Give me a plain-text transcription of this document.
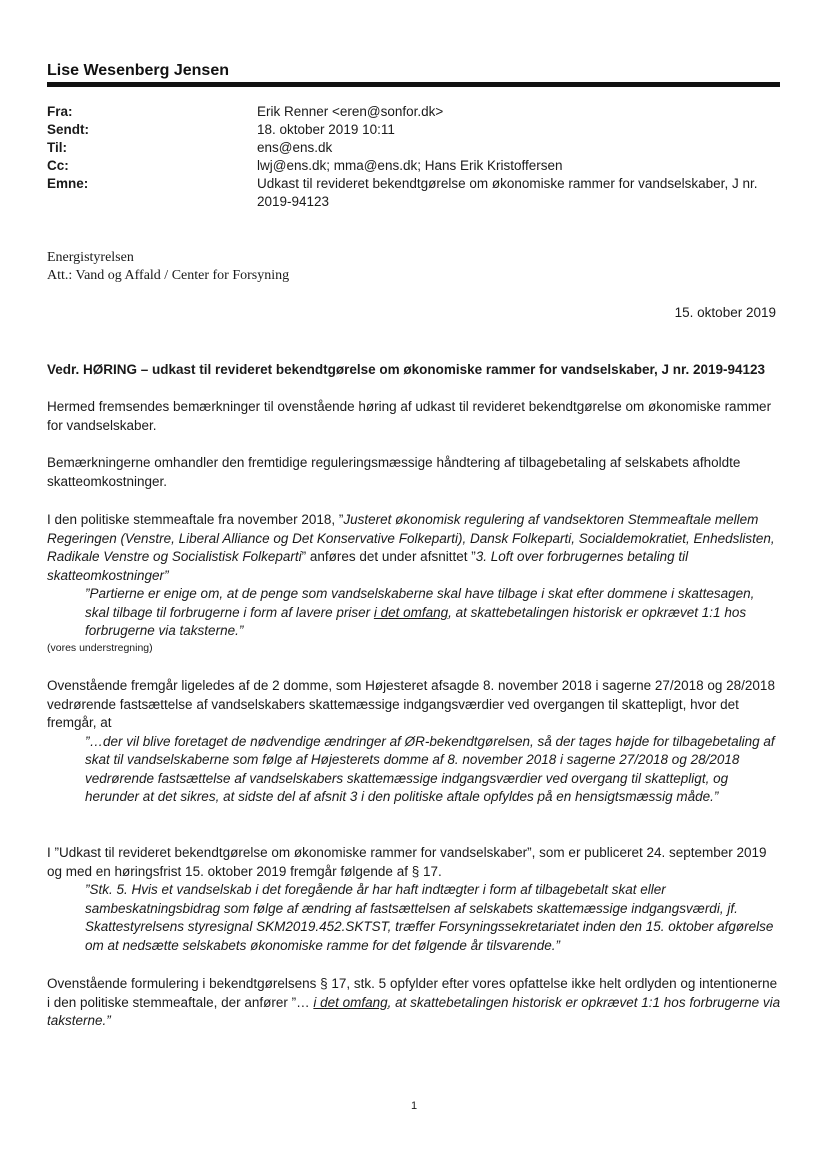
Lise Wesenberg Jensen
Fra:	Erik Renner <eren@sonfor.dk>
Sendt:	18. oktober 2019 10:11
Til:	ens@ens.dk
Cc:	lwj@ens.dk; mma@ens.dk; Hans Erik Kristoffersen
Emne:	Udkast til revideret bekendtgørelse om økonomiske rammer for vandselskaber, J nr. 2019-94123
Energistyrelsen
Att.: Vand og Affald / Center for Forsyning
15. oktober 2019
Vedr. HØRING – udkast til revideret bekendtgørelse om økonomiske rammer for vandselskaber, J nr. 2019-94123

Hermed fremsendes bemærkninger til ovenstående høring af udkast til revideret bekendtgørelse om økonomiske rammer for vandselskaber.

Bemærkningerne omhandler den fremtidige reguleringsmæssige håndtering af tilbagebetaling af selskabets afholdte skatteomkostninger.

I den politiske stemmeaftale fra november 2018, ”Justeret økonomisk regulering af vandsektoren Stemmeaftale mellem Regeringen (Venstre, Liberal Alliance og Det Konservative Folkeparti), Dansk Folkeparti, Socialdemokratiet, Enhedslisten, Radikale Venstre og Socialistisk Folkeparti” anføres det under afsnittet ”3. Loft over forbrugernes betaling til skatteomkostninger”

”Partierne er enige om, at de penge som vandselskaberne skal have tilbage i skat efter dommene i skattesagen, skal tilbage til forbrugerne i form af lavere priser i det omfang, at skattebetalingen historisk er opkrævet 1:1 hos forbrugerne via taksterne.”

(vores understregning)

Ovenstående fremgår ligeledes af de 2 domme, som Højesteret afsagde 8. november 2018 i sagerne 27/2018 og 28/2018 vedrørende fastsættelse af vandselskabers skattemæssige indgangsværdier ved overgangen til skattepligt, hvor det fremgår, at

”…der vil blive foretaget de nødvendige ændringer af ØR-bekendtgørelsen, så der tages højde for tilbagebetaling af skat til vandselskaberne som følge af Højesterets domme af 8. november 2018 i sagerne 27/2018 og 28/2018 vedrørende fastsættelse af vandselskabers skattemæssige indgangsværdier ved overgang til skattepligt, og herunder at det sikres, at sidste del af afsnit 3 i den politiske aftale opfyldes på en hensigtsmæssig måde.”

I ”Udkast til revideret bekendtgørelse om økonomiske rammer for vandselskaber”, som er publiceret 24. september 2019 og med en høringsfrist 15. oktober 2019 fremgår følgende af § 17.

”Stk. 5. Hvis et vandselskab i det foregående år har haft indtægter i form af tilbagebetalt skat eller sambeskatningsbidrag som følge af ændring af fastsættelsen af selskabets skattemæssige indgangsværdi, jf. Skattestyrelsens styresignal SKM2019.452.SKTST, træffer Forsyningssekretariatet inden den 15. oktober afgørelse om at nedsætte selskabets økonomiske ramme for det følgende år tilsvarende.”

Ovenstående formulering i bekendtgørelsens § 17, stk. 5 opfylder efter vores opfattelse ikke helt ordlyden og intentionerne i den politiske stemmeaftale, der anfører ”… i det omfang, at skattebetalingen historisk er opkrævet 1:1 hos forbrugerne via taksterne.”

1
